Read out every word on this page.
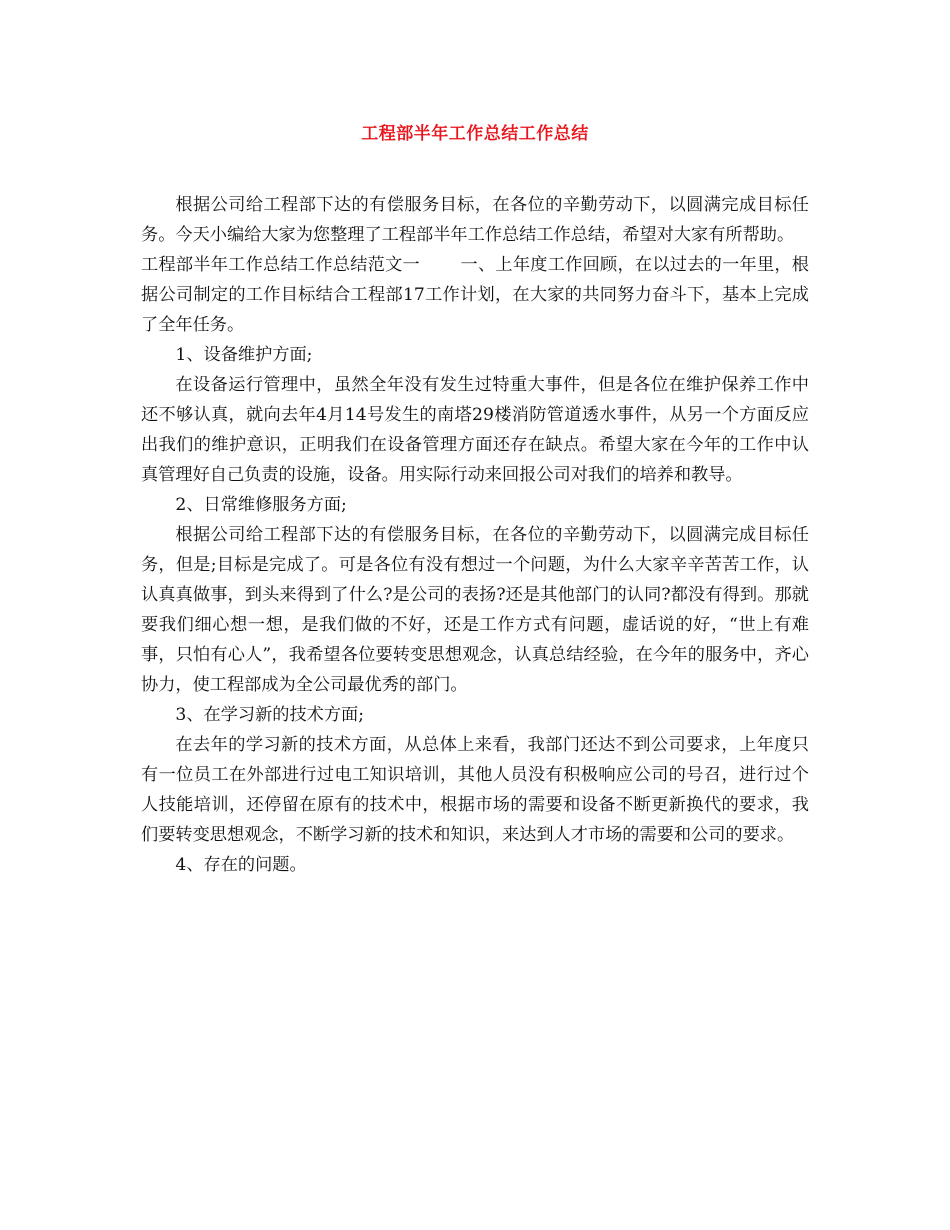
工程部半年工作总结工作总结

根据公司给工程部下达的有偿服务目标，在各位的辛勤劳动下，以圆满完成目标任务。今天小编给大家为您整理了工程部半年工作总结工作总结，希望对大家有所帮助。

工程部半年工作总结工作总结范文一　　 一、上年度工作回顾，在以过去的一年里，根据公司制定的工作目标结合工程部17工作计划，在大家的共同努力奋斗下，基本上完成了全年任务。

1、设备维护方面;

在设备运行管理中，虽然全年没有发生过特重大事件，但是各位在维护保养工作中还不够认真，就向去年4月14号发生的南塔29楼消防管道透水事件，从另一个方面反应出我们的维护意识，正明我们在设备管理方面还存在缺点。希望大家在今年的工作中认真管理好自己负责的设施，设备。用实际行动来回报公司对我们的培养和教导。

2、日常维修服务方面;

根据公司给工程部下达的有偿服务目标，在各位的辛勤劳动下，以圆满完成目标任务，但是;目标是完成了。可是各位有没有想过一个问题，为什么大家辛辛苦苦工作，认认真真做事，到头来得到了什么?是公司的表扬?还是其他部门的认同?都没有得到。那就要我们细心想一想，是我们做的不好，还是工作方式有问题，虚话说的好，“世上有难事，只怕有心人”，我希望各位要转变思想观念，认真总结经验，在今年的服务中，齐心协力，使工程部成为全公司最优秀的部门。

3、在学习新的技术方面;

在去年的学习新的技术方面，从总体上来看，我部门还达不到公司要求，上年度只有一位员工在外部进行过电工知识培训，其他人员没有积极响应公司的号召，进行过个人技能培训，还停留在原有的技术中，根据市场的需要和设备不断更新换代的要求，我们要转变思想观念，不断学习新的技术和知识，来达到人才市场的需要和公司的要求。

4、存在的问题。
